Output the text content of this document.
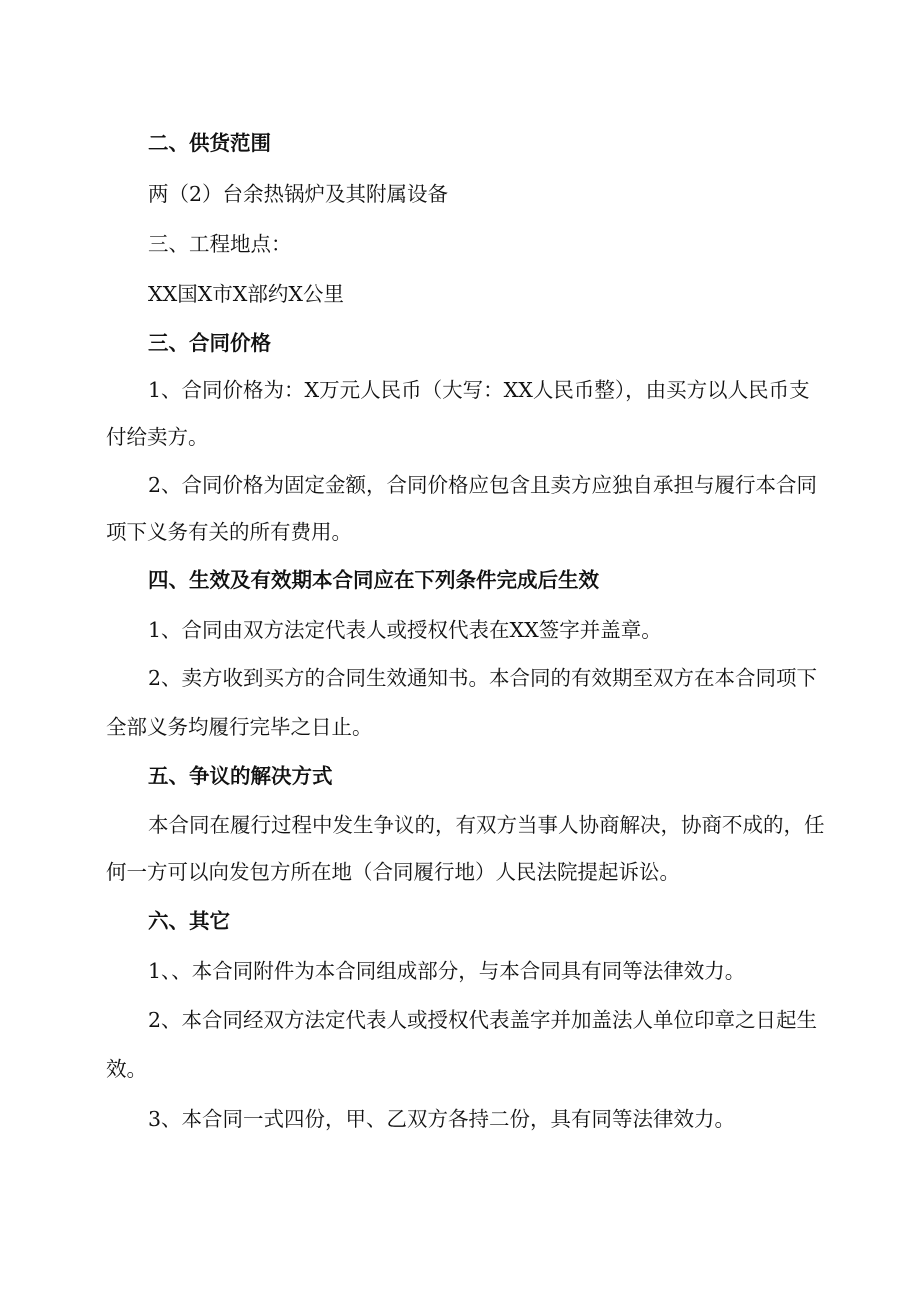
二、供货范围
两（2）台余热锅炉及其附属设备
三、工程地点：
XX国X市X部约X公里
三、合同价格
1、合同价格为：X万元人民币（大写：XX人民币整），由买方以人民币支
付给卖方。
2、合同价格为固定金额，合同价格应包含且卖方应独自承担与履行本合同
项下义务有关的所有费用。
四、生效及有效期本合同应在下列条件完成后生效
1、合同由双方法定代表人或授权代表在XX签字并盖章。
2、卖方收到买方的合同生效通知书。本合同的有效期至双方在本合同项下
全部义务均履行完毕之日止。
五、争议的解决方式
本合同在履行过程中发生争议的，有双方当事人协商解决，协商不成的，任
何一方可以向发包方所在地（合同履行地）人民法院提起诉讼。
六、其它
1、、本合同附件为本合同组成部分，与本合同具有同等法律效力。
2、本合同经双方法定代表人或授权代表盖字并加盖法人单位印章之日起生
效。
3、本合同一式四份，甲、乙双方各持二份，具有同等法律效力。
